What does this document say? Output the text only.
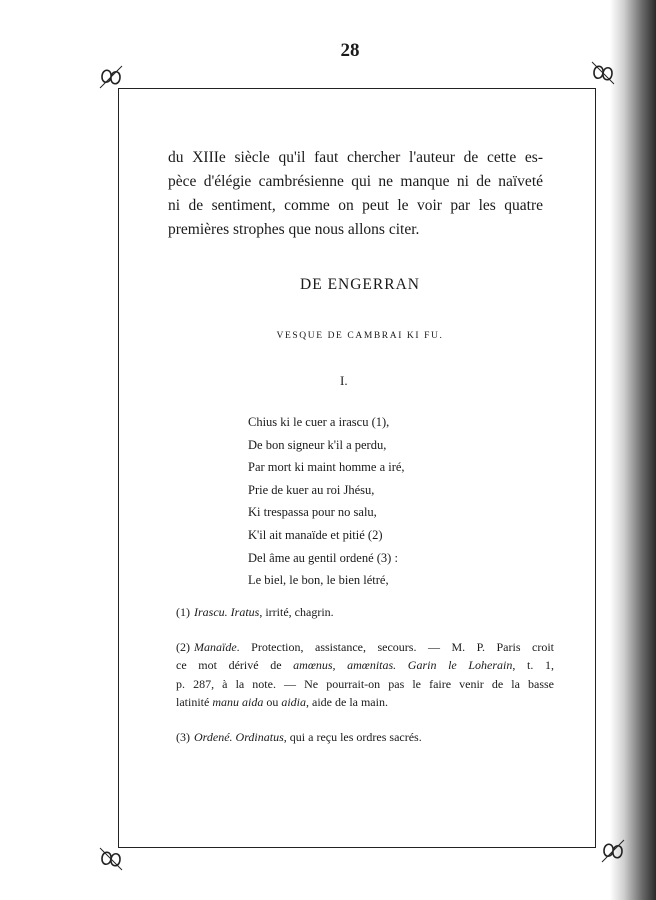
28
du XIIIe siècle qu'il faut chercher l'auteur de cette es-
pèce d'élégie cambrésienne qui ne manque ni de naïveté
ni de sentiment, comme on peut le voir par les quatre
premières strophes que nous allons citer.
DE ENGERRAN
VESQUE DE CAMBRAI KI FU.
I.
Chius ki le cuer a irascu (1),
De bon signeur k'il a perdu,
Par mort ki maint homme a iré,
Prie de kuer au roi Jhésu,
Ki trespassa pour no salu,
K'il ait manaïde et pitié (2)
Del âme au gentil ordené (3) :
Le biel, le bon, le bien létré,
(1) Irascu. Iratus, irrité, chagrin.
(2) Manaïde. Protection, assistance, secours. — M. P. Paris croit
ce mot dérivé de amœnus, amœnitas. Garin le Loherain, t. 1,
p. 287, à la note. — Ne pourrait-on pas le faire venir de la basse
latinité manu aida ou aidia, aide de la main.
(3) Ordené. Ordinatus, qui a reçu les ordres sacrés.
